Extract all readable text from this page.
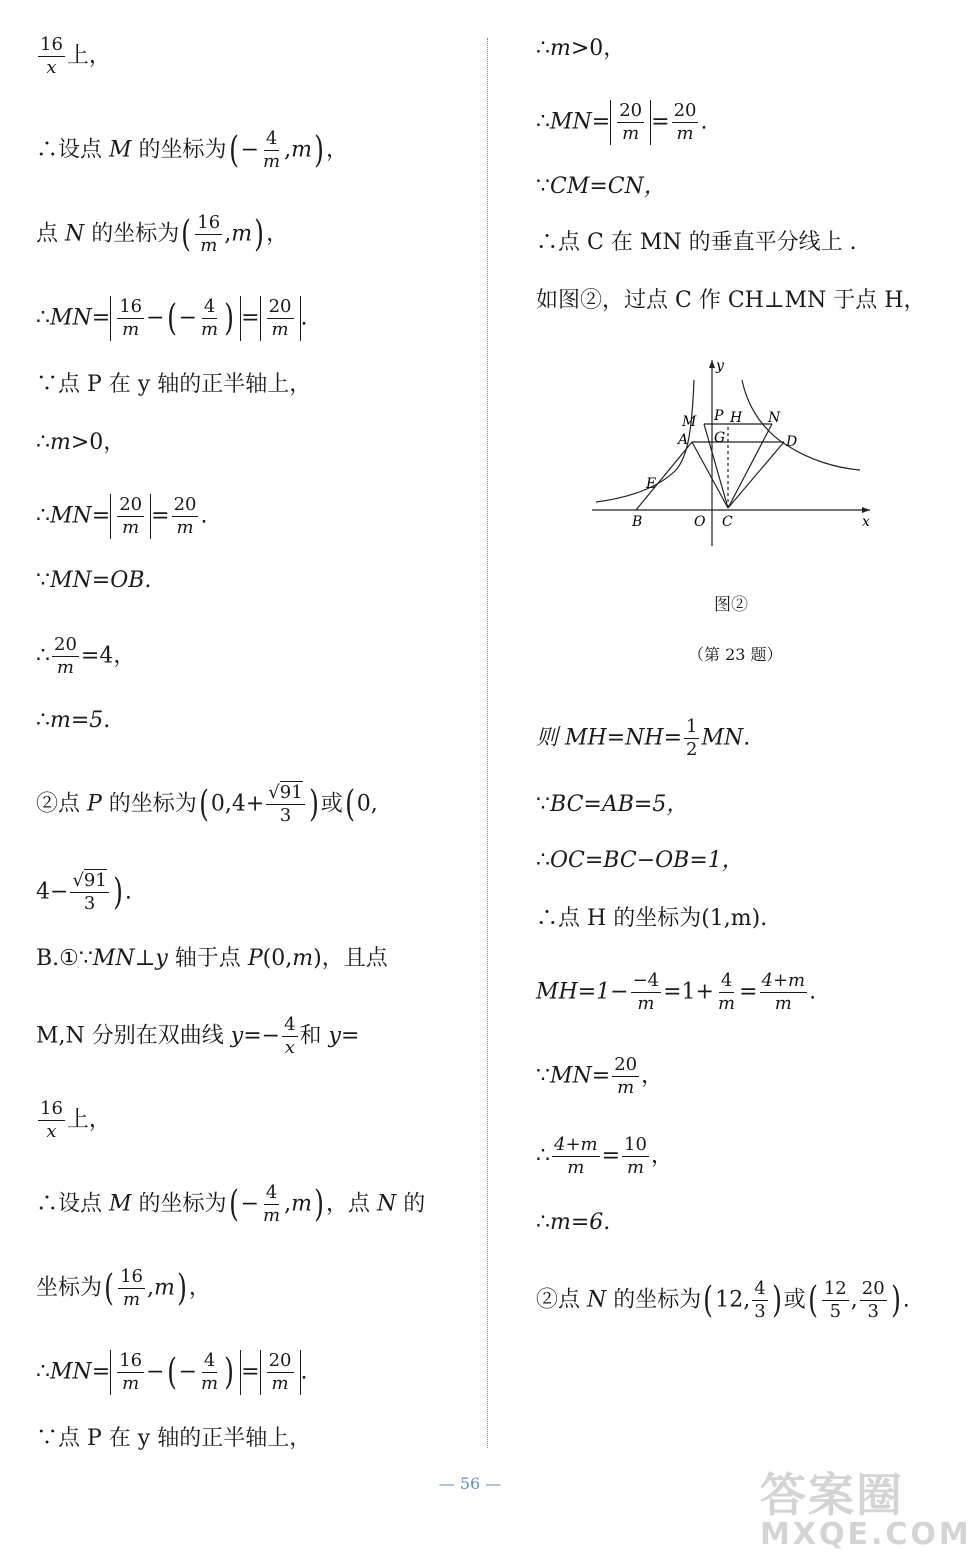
$\frac{16}{x}$ 上，
∴设点 M 的坐标为(− $\frac{4}{m} ,m$)，
点 N 的坐标为( $\frac{16}{m} ,m$)，
∴MN= $\frac{16}{m}$ −(− $\frac{4}{m}$ ) = $\frac{20}{m}$ .
∵点 P 在 y 轴的正半轴上，
∴m>0，
∴MN= $\frac{20}{m} = \frac{20}{m}$ .
∵MN=OB.
∴ $\frac{20}{m} =4$，
∴m=5.
②点 P 的坐标为($0,4+ \frac{√91}{3}$ )或(0,
$4- \frac{√91}{3}$ ).
B.①∵MN⊥y 轴于点 P(0,m)，且点
M,N 分别在双曲线 $y=- \frac{4}{x}$ 和 y=
$\frac{16}{x}$ 上，
∴设点 M 的坐标为(− $\frac{4}{m} ,m$)，点 N 的
坐标为( $\frac{16}{m} ,m$)，
∴MN= $\frac{16}{m}$ −(− $\frac{4}{m}$ ) = $\frac{20}{m}$ .
∵点 P 在 y 轴的正半轴上，
∴m>0，
∴MN= $\frac{20}{m} = \frac{20}{m}$ .
∵CM=CN，
∴点 C 在 MN 的垂直平分线上 .
如图②，过点 C 作 CH⊥MN 于点 H，
y
x
M P H N
A G	D
E
B	O C
图②
（第 23 题）
则 $MH=NH= \frac{1}{2}$ MN.
∵BC=AB=5，
∴OC=BC−OB=1，
∴点 H 的坐标为(1,m).
$MH=1- \frac{-4}{m} =1+ \frac{4}{m} = \frac{4+m}{m}$ .
∵MN= $\frac{20}{m}$ ，
∴ $\frac{4+m}{m} = \frac{10}{m}$ ，
∴m=6.
②点 N 的坐标为(12, $\frac{4}{3}$ )或( $\frac{12}{5}$ , $\frac{20}{3}$ ).
— 56 —	答案圈
MXQE.COM
